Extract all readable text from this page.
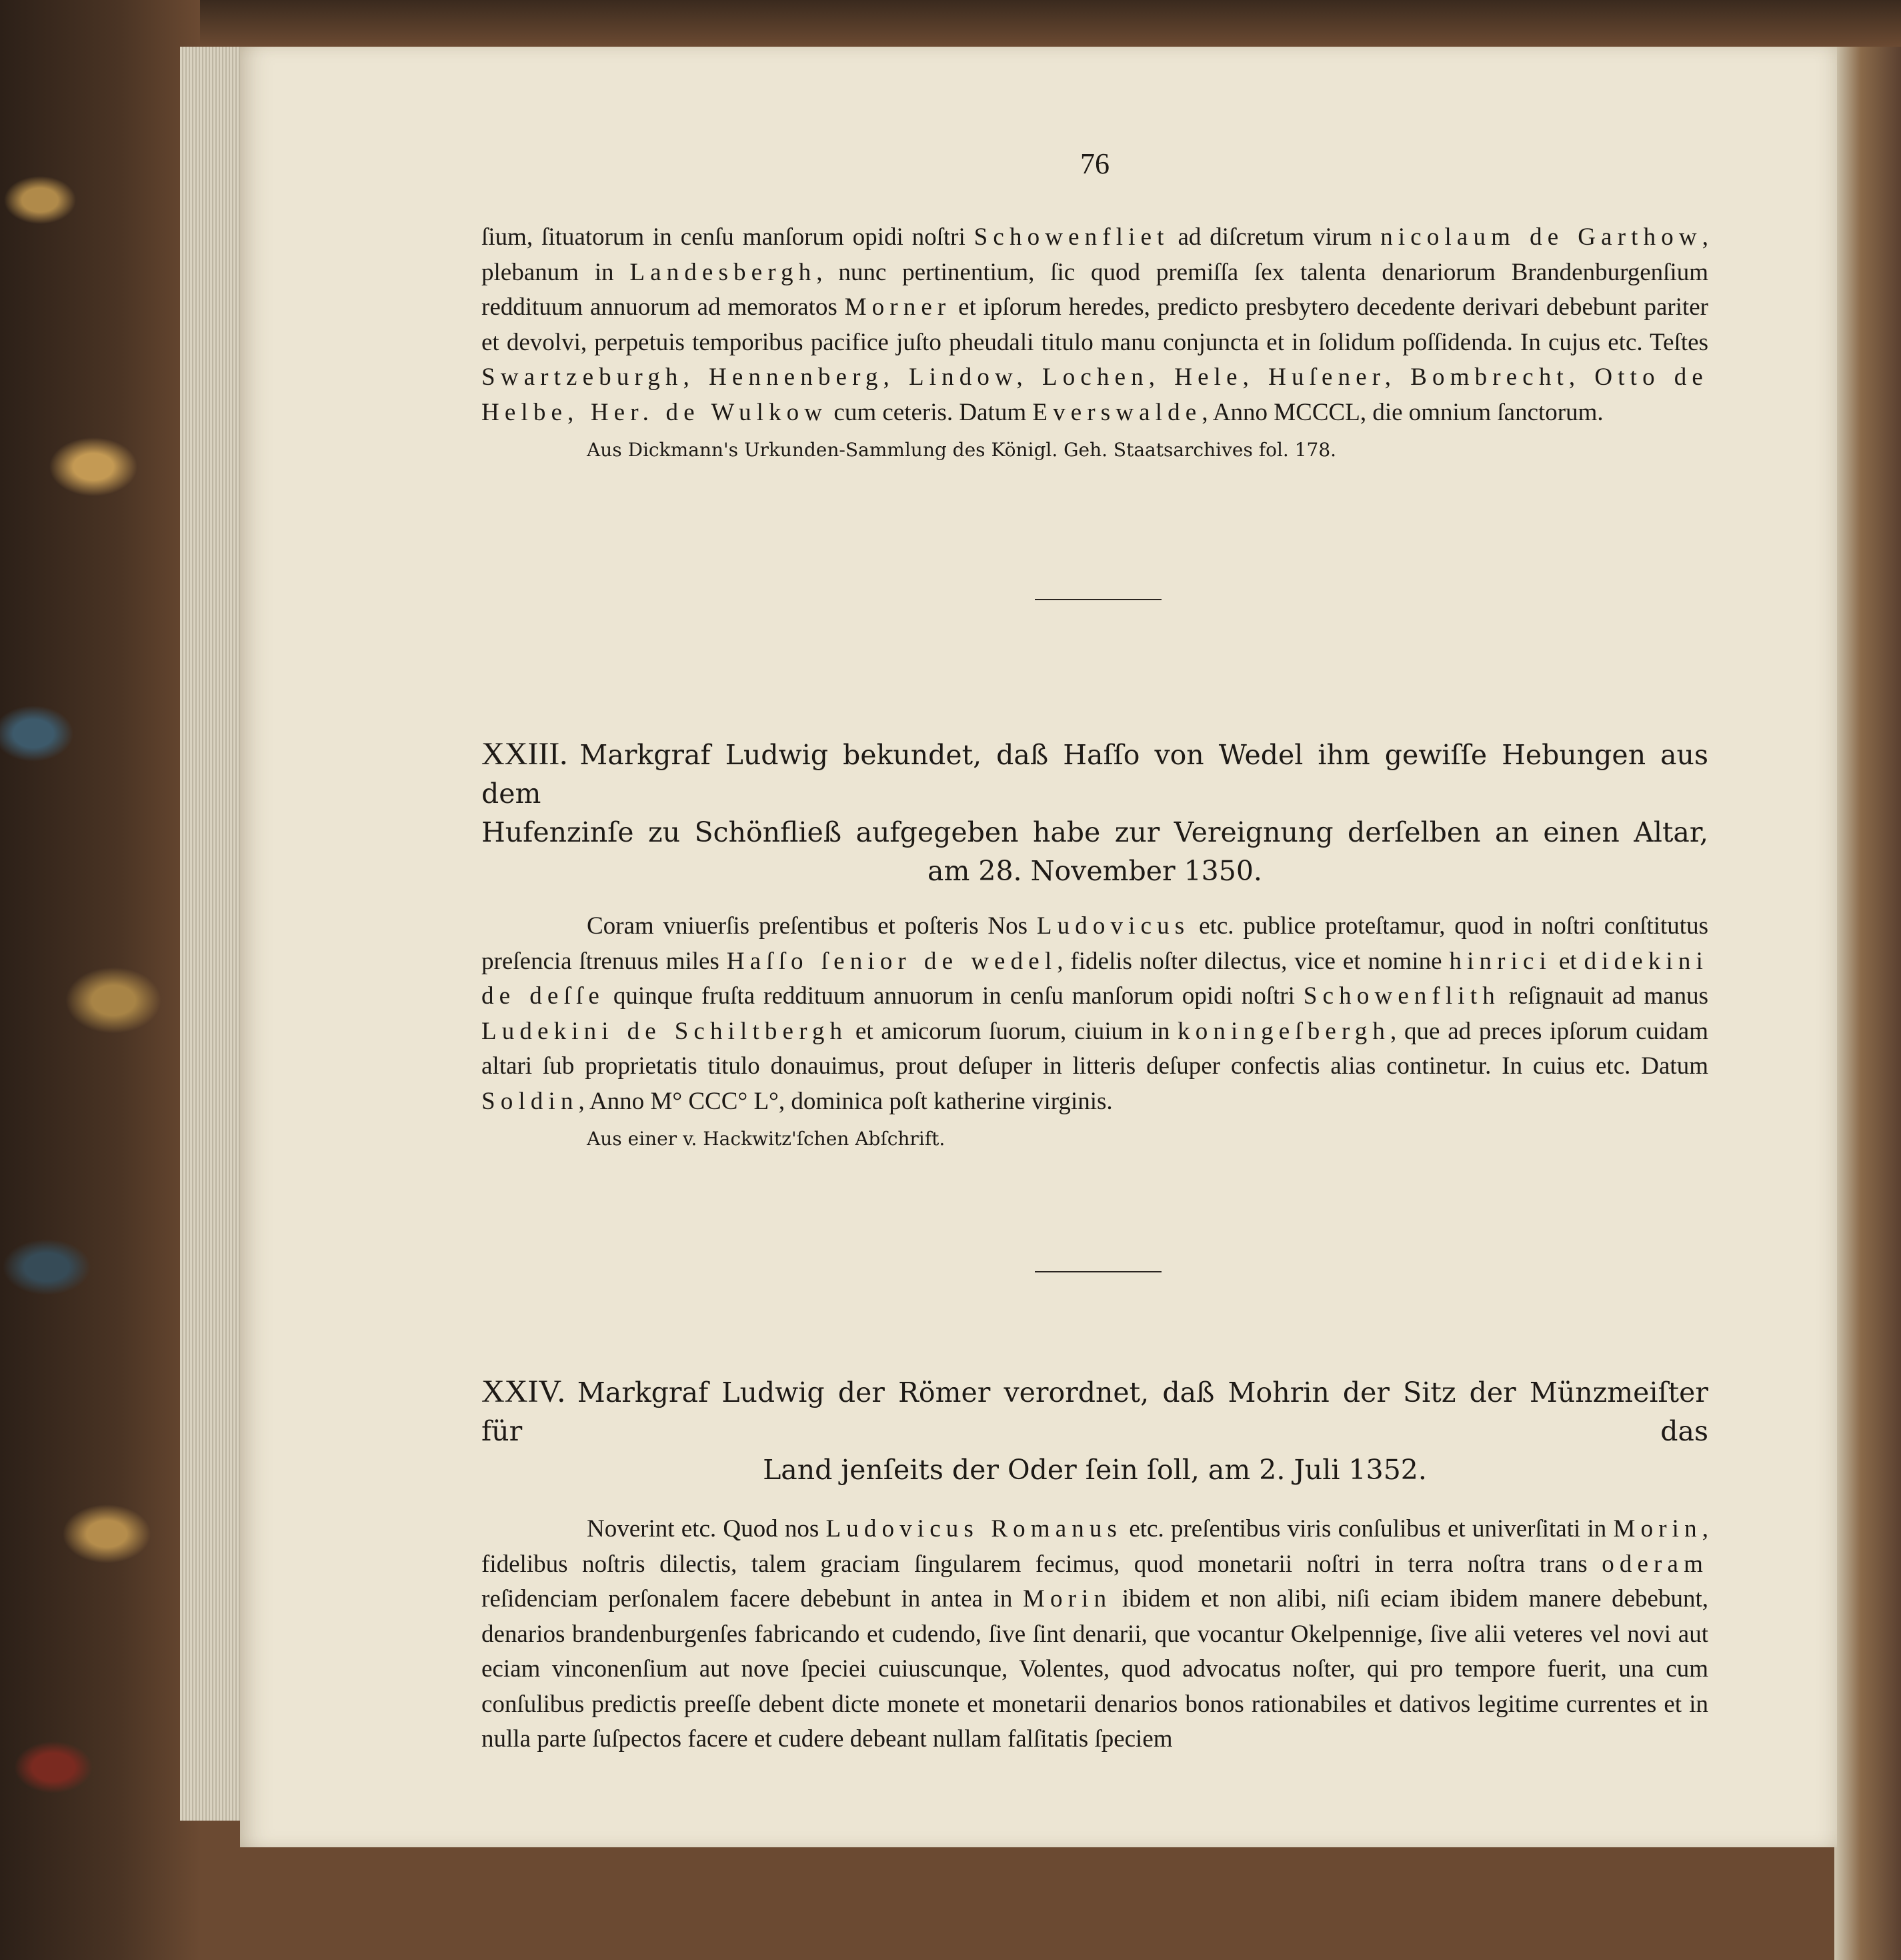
76

ſium, ſituatorum in cenſu manſorum opidi noſtri Schowenfliet ad diſcretum virum nicolaum de Garthow, plebanum in Landesbergh, nunc pertinentium, ſic quod premiſſa ſex talenta denariorum Brandenburgenſium reddituum annuorum ad memoratos Morner et ipſorum heredes, predicto presbytero decedente derivari debebunt pariter et devolvi, perpetuis temporibus pacifice juſto pheudali titulo manu conjuncta et in ſolidum poſſidenda. In cujus etc. Teſtes Swartzeburgh, Hennenberg, Lindow, Lochen, Hele, Huſener, Bombrecht, Otto de Helbe, Her. de Wulkow cum ceteris. Datum Everswalde, Anno MCCCL, die omnium ſanctorum.

Aus Dickmann's Urkunden-Sammlung des Königl. Geh. Staatsarchives fol. 178.

XXIII. Markgraf Ludwig bekundet, daß Haſſo von Wedel ihm gewiſſe Hebungen aus dem
Hufenzinſe zu Schönfließ aufgegeben habe zur Vereignung derſelben an einen Altar,
am 28. November 1350.

Coram vniuerſis preſentibus et poſteris Nos Ludovicus etc. publice proteſtamur, quod in noſtri conſtitutus preſencia ſtrenuus miles Haſſo ſenior de wedel, fidelis noſter dilectus, vice et nomine hinrici et didekini de deſſe quinque fruſta reddituum annuorum in cenſu manſorum opidi noſtri Schowenflith reſignauit ad manus Ludekini de Schiltbergh et amicorum ſuorum, ciuium in koningeſbergh, que ad preces ipſorum cuidam altari ſub proprietatis titulo donauimus, prout deſuper in litteris deſuper confectis alias continetur. In cuius etc. Datum Soldin, Anno M° CCC° L°, dominica poſt katherine virginis.

Aus einer v. Hackwitz'ſchen Abſchrift.

XXIV. Markgraf Ludwig der Römer verordnet, daß Mohrin der Sitz der Münzmeiſter für das
Land jenſeits der Oder ſein ſoll, am 2. Juli 1352.

Noverint etc. Quod nos Ludovicus Romanus etc. preſentibus viris conſulibus et univerſitati in Morin, fidelibus noſtris dilectis, talem graciam ſingularem fecimus, quod monetarii noſtri in terra noſtra trans oderam reſidenciam perſonalem facere debebunt in antea in Morin ibidem et non alibi, niſi eciam ibidem manere debebunt, denarios brandenburgenſes fabricando et cudendo, ſive ſint denarii, que vocantur Okelpennige, ſive alii veteres vel novi aut eciam vinconenſium aut nove ſpeciei cuiuscunque, Volentes, quod advocatus noſter, qui pro tempore fuerit, una cum conſulibus predictis preeſſe debent dicte monete et monetarii denarios bonos rationabiles et dativos legitime currentes et in nulla parte ſuſpectos facere et cudere debeant nullam falſitatis ſpeciem
